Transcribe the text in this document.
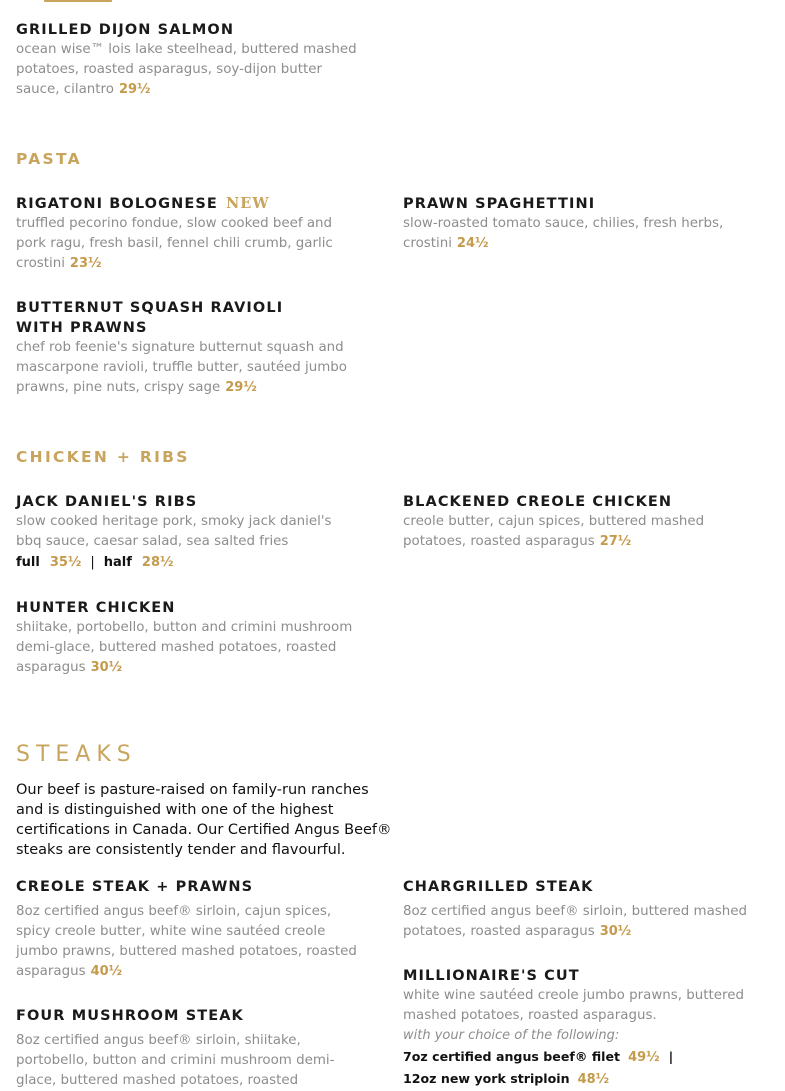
GRILLED DIJON SALMON
ocean wise™ lois lake steelhead, buttered mashed potatoes, roasted asparagus, soy-dijon butter sauce, cilantro 29½
PASTA
RIGATONI BOLOGNESE NEW
truffled pecorino fondue, slow cooked beef and pork ragu, fresh basil, fennel chili crumb, garlic crostini 23½
PRAWN SPAGHETTINI
slow-roasted tomato sauce, chilies, fresh herbs, crostini 24½
BUTTERNUT SQUASH RAVIOLI
WITH PRAWNS
chef rob feenie's signature butternut squash and mascarpone ravioli, truffle butter, sautéed jumbo prawns, pine nuts, crispy sage 29½
CHICKEN + RIBS
JACK DANIEL'S RIBS
slow cooked heritage pork, smoky jack daniel's bbq sauce, caesar salad, sea salted fries
full 35½ | half 28½
BLACKENED CREOLE CHICKEN
creole butter, cajun spices, buttered mashed potatoes, roasted asparagus 27½
HUNTER CHICKEN
shiitake, portobello, button and crimini mushroom demi-glace, buttered mashed potatoes, roasted asparagus 30½
STEAKS
Our beef is pasture-raised on family-run ranches and is distinguished with one of the highest certifications in Canada. Our Certified Angus Beef® steaks are consistently tender and flavourful.
CREOLE STEAK + PRAWNS
8oz certified angus beef® sirloin, cajun spices, spicy creole butter, white wine sautéed creole jumbo prawns, buttered mashed potatoes, roasted asparagus 40½
CHARGRILLED STEAK
8oz certified angus beef® sirloin, buttered mashed potatoes, roasted asparagus 30½
MILLIONAIRE'S CUT
white wine sautéed creole jumbo prawns, buttered mashed potatoes, roasted asparagus.
with your choice of the following:
7oz certified angus beef® filet 49½ |
12oz new york striploin 48½
FOUR MUSHROOM STEAK
8oz certified angus beef® sirloin, shiitake, portobello, button and crimini mushroom demi-glace, buttered mashed potatoes, roasted
